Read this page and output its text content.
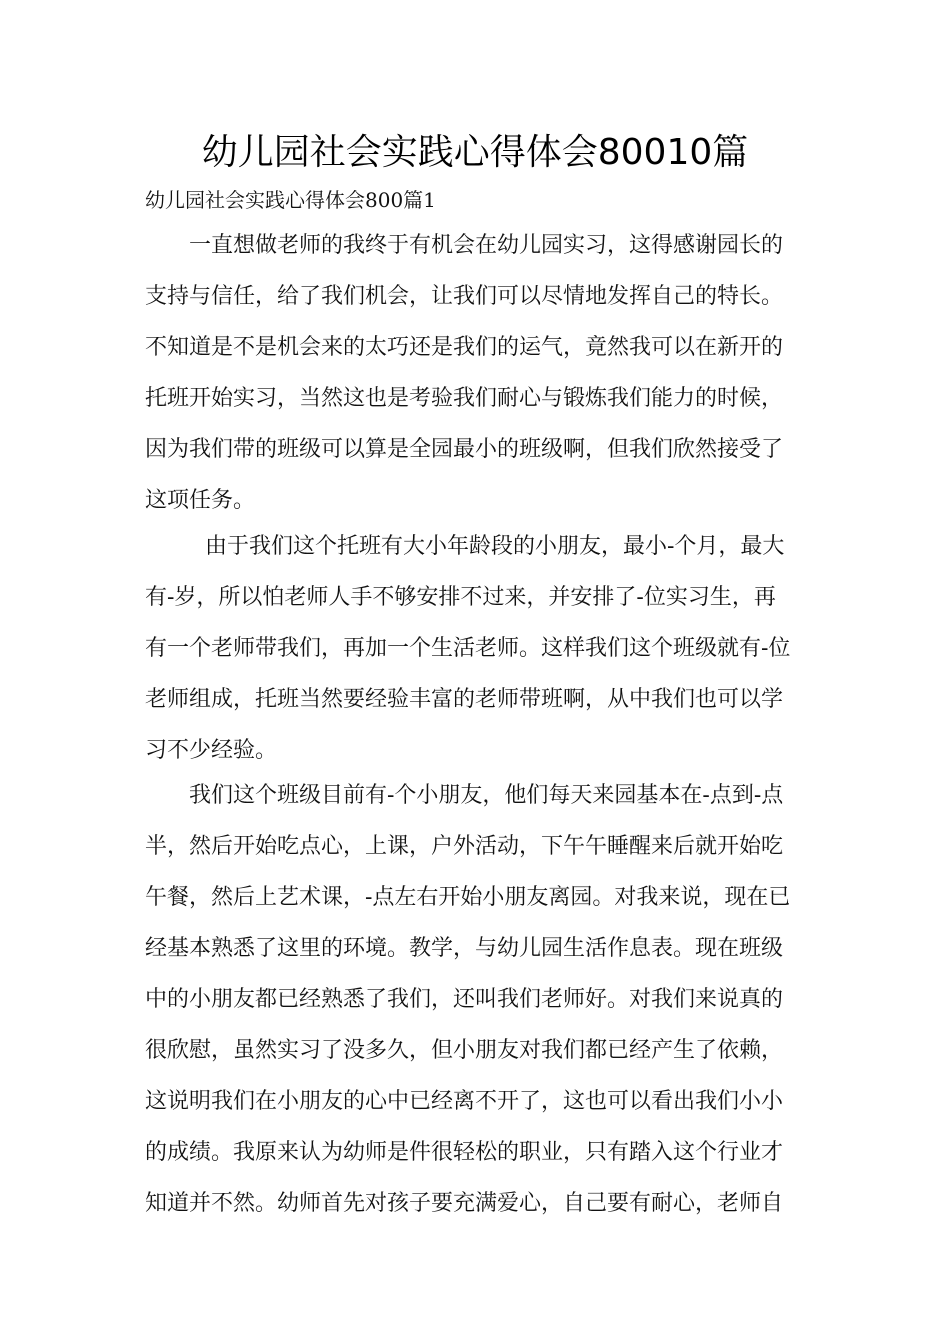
幼儿园社会实践心得体会80010篇

幼儿园社会实践心得体会800篇1

一直想做老师的我终于有机会在幼儿园实习，这得感谢园长的
支持与信任，给了我们机会，让我们可以尽情地发挥自己的特长。
不知道是不是机会来的太巧还是我们的运气，竟然我可以在新开的
托班开始实习，当然这也是考验我们耐心与锻炼我们能力的时候，
因为我们带的班级可以算是全园最小的班级啊，但我们欣然接受了
这项任务。
由于我们这个托班有大小年龄段的小朋友，最小-个月，最大
有-岁，所以怕老师人手不够安排不过来，并安排了-位实习生，再
有一个老师带我们，再加一个生活老师。这样我们这个班级就有-位
老师组成，托班当然要经验丰富的老师带班啊，从中我们也可以学
习不少经验。
我们这个班级目前有-个小朋友，他们每天来园基本在-点到-点
半，然后开始吃点心，上课，户外活动，下午午睡醒来后就开始吃
午餐，然后上艺术课，-点左右开始小朋友离园。对我来说，现在已
经基本熟悉了这里的环境。教学，与幼儿园生活作息表。现在班级
中的小朋友都已经熟悉了我们，还叫我们老师好。对我们来说真的
很欣慰，虽然实习了没多久，但小朋友对我们都已经产生了依赖，
这说明我们在小朋友的心中已经离不开了，这也可以看出我们小小
的成绩。我原来认为幼师是件很轻松的职业，只有踏入这个行业才
知道并不然。幼师首先对孩子要充满爱心，自己要有耐心，老师自
